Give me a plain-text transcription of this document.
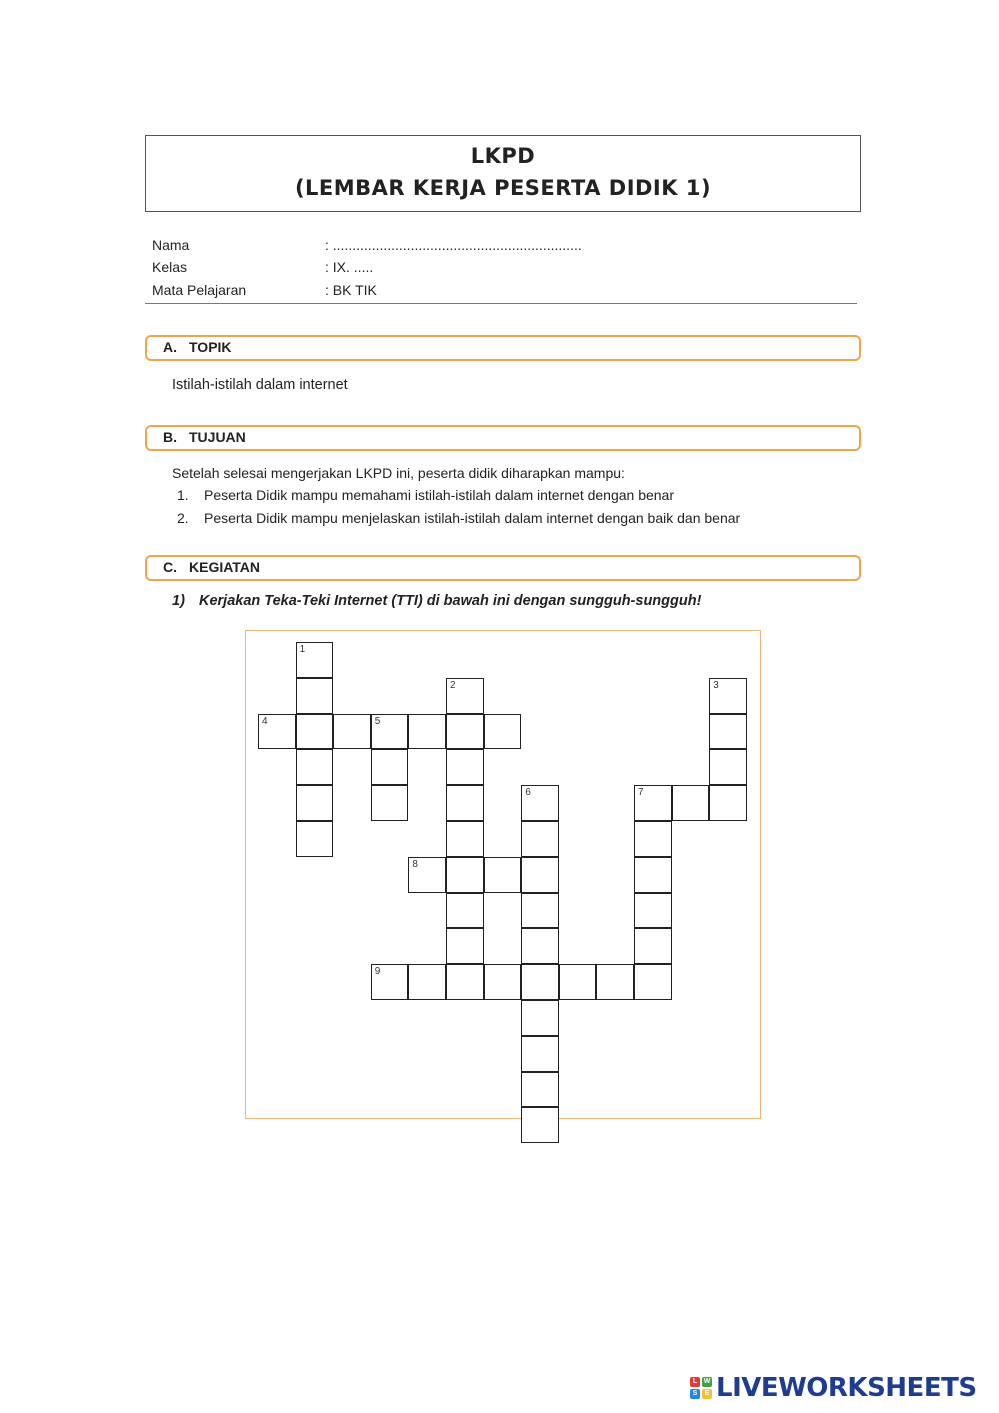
LKPD
(LEMBAR KERJA PESERTA DIDIK 1)
Nama	: ................................................................
Kelas	: IX. .....
Mata Pelajaran	: BK TIK
A. TOPIK
Istilah-istilah dalam internet
B. TUJUAN
Setelah selesai mengerjakan LKPD ini, peserta didik diharapkan mampu:
1. Peserta Didik mampu memahami istilah-istilah dalam internet dengan benar
2. Peserta Didik mampu menjelaskan istilah-istilah dalam internet dengan baik dan benar
C. KEGIATAN
1) Kerjakan Teka-Teki Internet (TTI) di bawah ini dengan sungguh-sungguh!
1
2	3
4	5
6	7
8
9
L W
S	E LIVEWORKSHEETS
